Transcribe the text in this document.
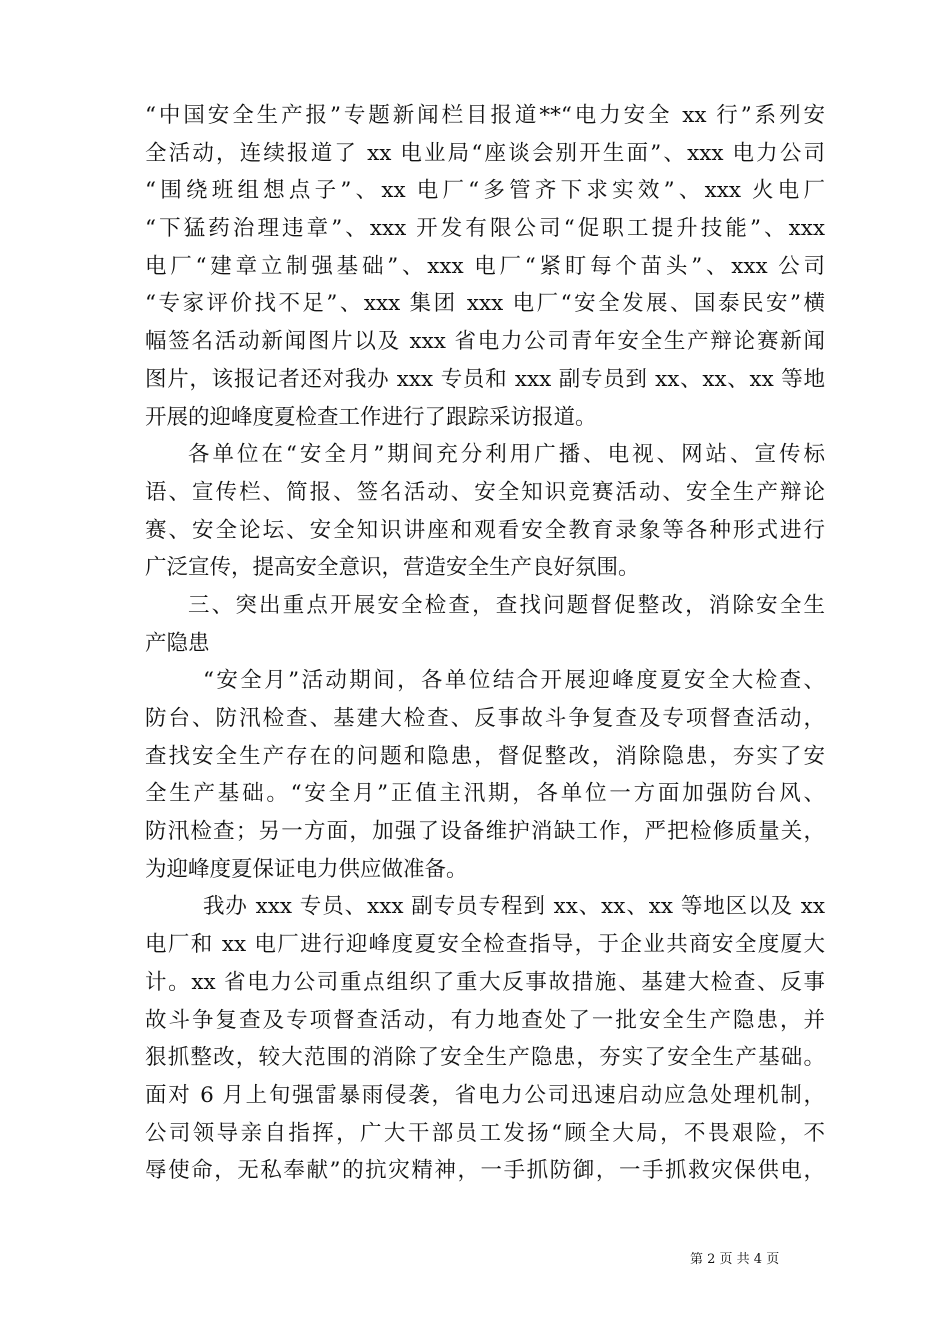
“中国安全生产报”专题新闻栏目报道**“电力安全 xx 行”系列安
全活动，连续报道了 xx 电业局“座谈会别开生面”、xxx 电力公司
“围绕班组想点子”、xx 电厂“多管齐下求实效”、xxx 火电厂
“下猛药治理违章”、xxx 开发有限公司“促职工提升技能”、xxx
电厂“建章立制强基础”、xxx 电厂“紧盯每个苗头”、xxx 公司
“专家评价找不足”、xxx 集团 xxx 电厂“安全发展、国泰民安”横
幅签名活动新闻图片以及 xxx 省电力公司青年安全生产辩论赛新闻
图片，该报记者还对我办 xxx 专员和 xxx 副专员到 xx、xx、xx 等地
开展的迎峰度夏检查工作进行了跟踪采访报道。
各单位在“安全月”期间充分利用广播、电视、网站、宣传标
语、宣传栏、简报、签名活动、安全知识竞赛活动、安全生产辩论
赛、安全论坛、安全知识讲座和观看安全教育录象等各种形式进行
广泛宣传，提高安全意识，营造安全生产良好氛围。
三、突出重点开展安全检查，查找问题督促整改，消除安全生
产隐患
“安全月”活动期间，各单位结合开展迎峰度夏安全大检查、
防台、防汛检查、基建大检查、反事故斗争复查及专项督查活动，
查找安全生产存在的问题和隐患，督促整改，消除隐患，夯实了安
全生产基础。“安全月”正值主汛期，各单位一方面加强防台风、
防汛检查；另一方面，加强了设备维护消缺工作，严把检修质量关，
为迎峰度夏保证电力供应做准备。
我办 xxx 专员、xxx 副专员专程到 xx、xx、xx 等地区以及 xx
电厂和 xx 电厂进行迎峰度夏安全检查指导，于企业共商安全度厦大
计。xx 省电力公司重点组织了重大反事故措施、基建大检查、反事
故斗争复查及专项督查活动，有力地查处了一批安全生产隐患，并
狠抓整改，较大范围的消除了安全生产隐患，夯实了安全生产基础。
面对 6 月上旬强雷暴雨侵袭，省电力公司迅速启动应急处理机制，
公司领导亲自指挥，广大干部员工发扬“顾全大局，不畏艰险，不
辱使命，无私奉献”的抗灾精神，一手抓防御，一手抓救灾保供电，
第 2 页 共 4 页
